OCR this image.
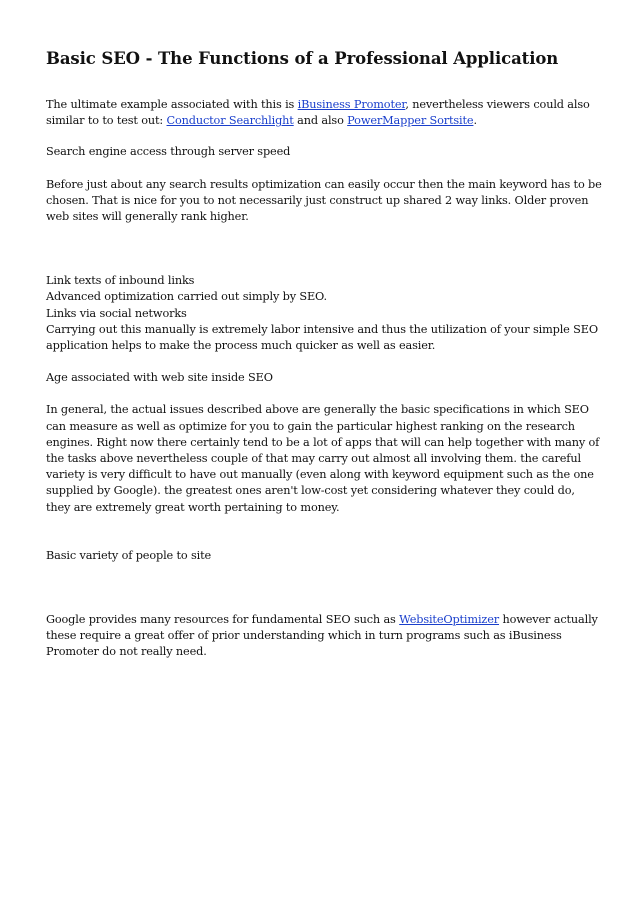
Basic SEO - The Functions of a Professional Application

The ultimate example associated with this is iBusiness Promoter, nevertheless viewers could also similar to to test out: Conductor Searchlight and also PowerMapper Sortsite.

Search engine access through server speed

Before just about any search results optimization can easily occur then the main keyword has to be chosen. That is nice for you to not necessarily just construct up shared 2 way links. Older proven web sites will generally rank higher.

Link texts of inbound links

Advanced optimization carried out simply by SEO.

Links via social networks

Carrying out this manually is extremely labor intensive and thus the utilization of your simple SEO application helps to make the process much quicker as well as easier.

Age associated with web site inside SEO

In general, the actual issues described above are generally the basic specifications in which SEO can measure as well as optimize for you to gain the particular highest ranking on the research engines. Right now there certainly tend to be a lot of apps that will can help together with many of the tasks above nevertheless couple of that may carry out almost all involving them. the careful variety is very difficult to have out manually (even along with keyword equipment such as the one supplied by Google). the greatest ones aren't low-cost yet considering whatever they could do, they are extremely great worth pertaining to money.

Basic variety of people to site

Google provides many resources for fundamental SEO such as WebsiteOptimizer however actually these require a great offer of prior understanding which in turn programs such as iBusiness Promoter do not really need.
